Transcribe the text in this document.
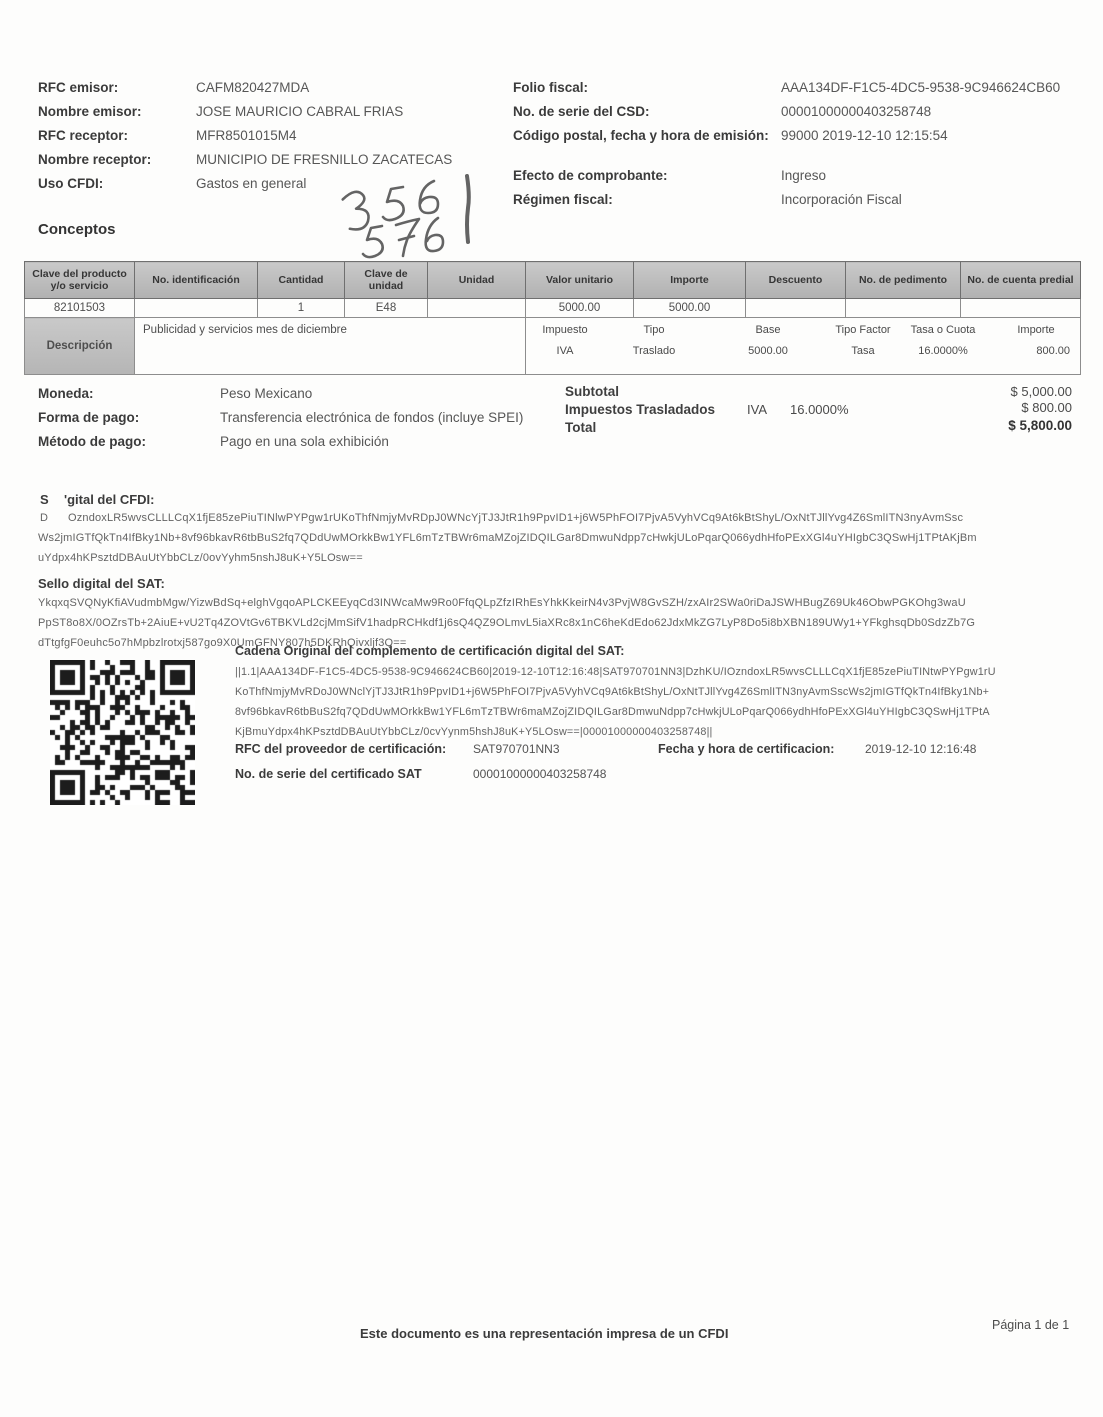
RFC emisor:	CAFM820427MDA
Nombre emisor:	JOSE MAURICIO CABRAL FRIAS
RFC receptor:	MFR8501015M4
Nombre receptor:	MUNICIPIO DE FRESNILLO ZACATECAS
Uso CFDI:	Gastos en general
Folio fiscal:	AAA134DF-F1C5-4DC5-9538-9C946624CB60
No. de serie del CSD:	00001000000403258748
Código postal, fecha y hora de emisión: 99000 2019-12-10 12:15:54
Efecto de comprobante:	Ingreso
Régimen fiscal:	Incorporación Fiscal
Conceptos
Clave del producto y/o servicio	No. identificación	Cantidad	Clave de unidad	Unidad	Valor unitario	Importe	Descuento	No. de pedimento	No. de cuenta predial
82101503		1	E48		5000.00	5000.00			
Descripción	Publicidad y servicios mes de diciembre	Impuesto	Tipo	Base	Tipo Factor	Tasa o Cuota	Importe
IVA	Traslado	5000.00	Tasa	16.0000%	800.00
Moneda:	Peso Mexicano
Forma de pago:	Transferencia electrónica de fondos (incluye SPEI)
Método de pago:	Pago en una sola exhibición
Subtotal	$ 5,000.00
Impuestos Trasladados IVA 16.0000%	$ 800.00
Total	$ 5,800.00
S 'gital del CFDI:
D OzndoxLR5wvsCLLLCqX1fjE85zePiuTINlwPYPgw1rUKoThfNmjyMvRDpJ0WNcYjTJ3JtR1h9PpvID1+j6W5PhFOI7PjvA5VyhVCq9At6kBtShyL/OxNtTJllYvg4Z6SmlITN3nyAvmSsc
Ws2jmIGTfQkTn4IfBky1Nb+8vf96bkavR6tbBuS2fq7QDdUwMOrkkBw1YFL6mTzTBWr6maMZojZIDQILGar8DmwuNdpp7cHwkjULoPqarQ066ydhHfoPExXGl4uYHIgbC3QSwHj1TPtAKjBm
uYdpx4hKPsztdDBAuUtYbbCLz/0ovYyhm5nshJ8uK+Y5LOsw==
Sello digital del SAT:
YkqxqSVQNyKfiAVudmbMgw/YizwBdSq+elghVgqoAPLCKEEyqCd3INWcaMw9Ro0FfqQLpZfzIRhEsYhkKkeirN4v3PvjW8GvSZH/zxAIr2SWa0riDaJSWHBugZ69Uk46ObwPGKOhg3waU
PpST8o8X/0OZrsTb+2AiuE+vU2Tq4ZOVtGv6TBKVLd2cjMmSifV1hadpRCHkdf1j6sQ4QZ9OLmvL5iaXRc8x1nC6heKdEdo62JdxMkZG7LyP8Do5i8bXBN189UWy1+YFkghsqDb0SdzZb7G
dTtgfgF0euhc5o7hMpbzlrotxj587go9X0UmGFNY807h5DKRhQivxljf3Q==
Cadena Original del complemento de certificación digital del SAT:
||1.1|AAA134DF-F1C5-4DC5-9538-9C946624CB60|2019-12-10T12:16:48|SAT970701NN3|DzhKU/IOzndoxLR5wvsCLLLCqX1fjE85zePiuTINtwPYPgw1rU
KoThfNmjyMvRDoJ0WNclYjTJ3JtR1h9PpvID1+j6W5PhFOI7PjvA5VyhVCq9At6kBtShyL/OxNtTJllYvg4Z6SmlITN3nyAvmSscWs2jmIGTfQkTn4IfBky1Nb+
8vf96bkavR6tbBuS2fq7QDdUwMOrkkBw1YFL6mTzTBWr6maMZojZIDQILGar8DmwuNdpp7cHwkjULoPqarQ066ydhHfoPExXGl4uYHIgbC3QSwHj1TPtA
KjBmuYdpx4hKPsztdDBAuUtYbbCLz/0cvYynm5hshJ8uK+Y5LOsw==|00001000000403258748||
RFC del proveedor de certificación: SAT970701NN3	Fecha y hora de certificacion:	2019-12-10 12:16:48
No. de serie del certificado SAT	00001000000403258748
Este documento es una representación impresa de un CFDI
Página 1 de 1
